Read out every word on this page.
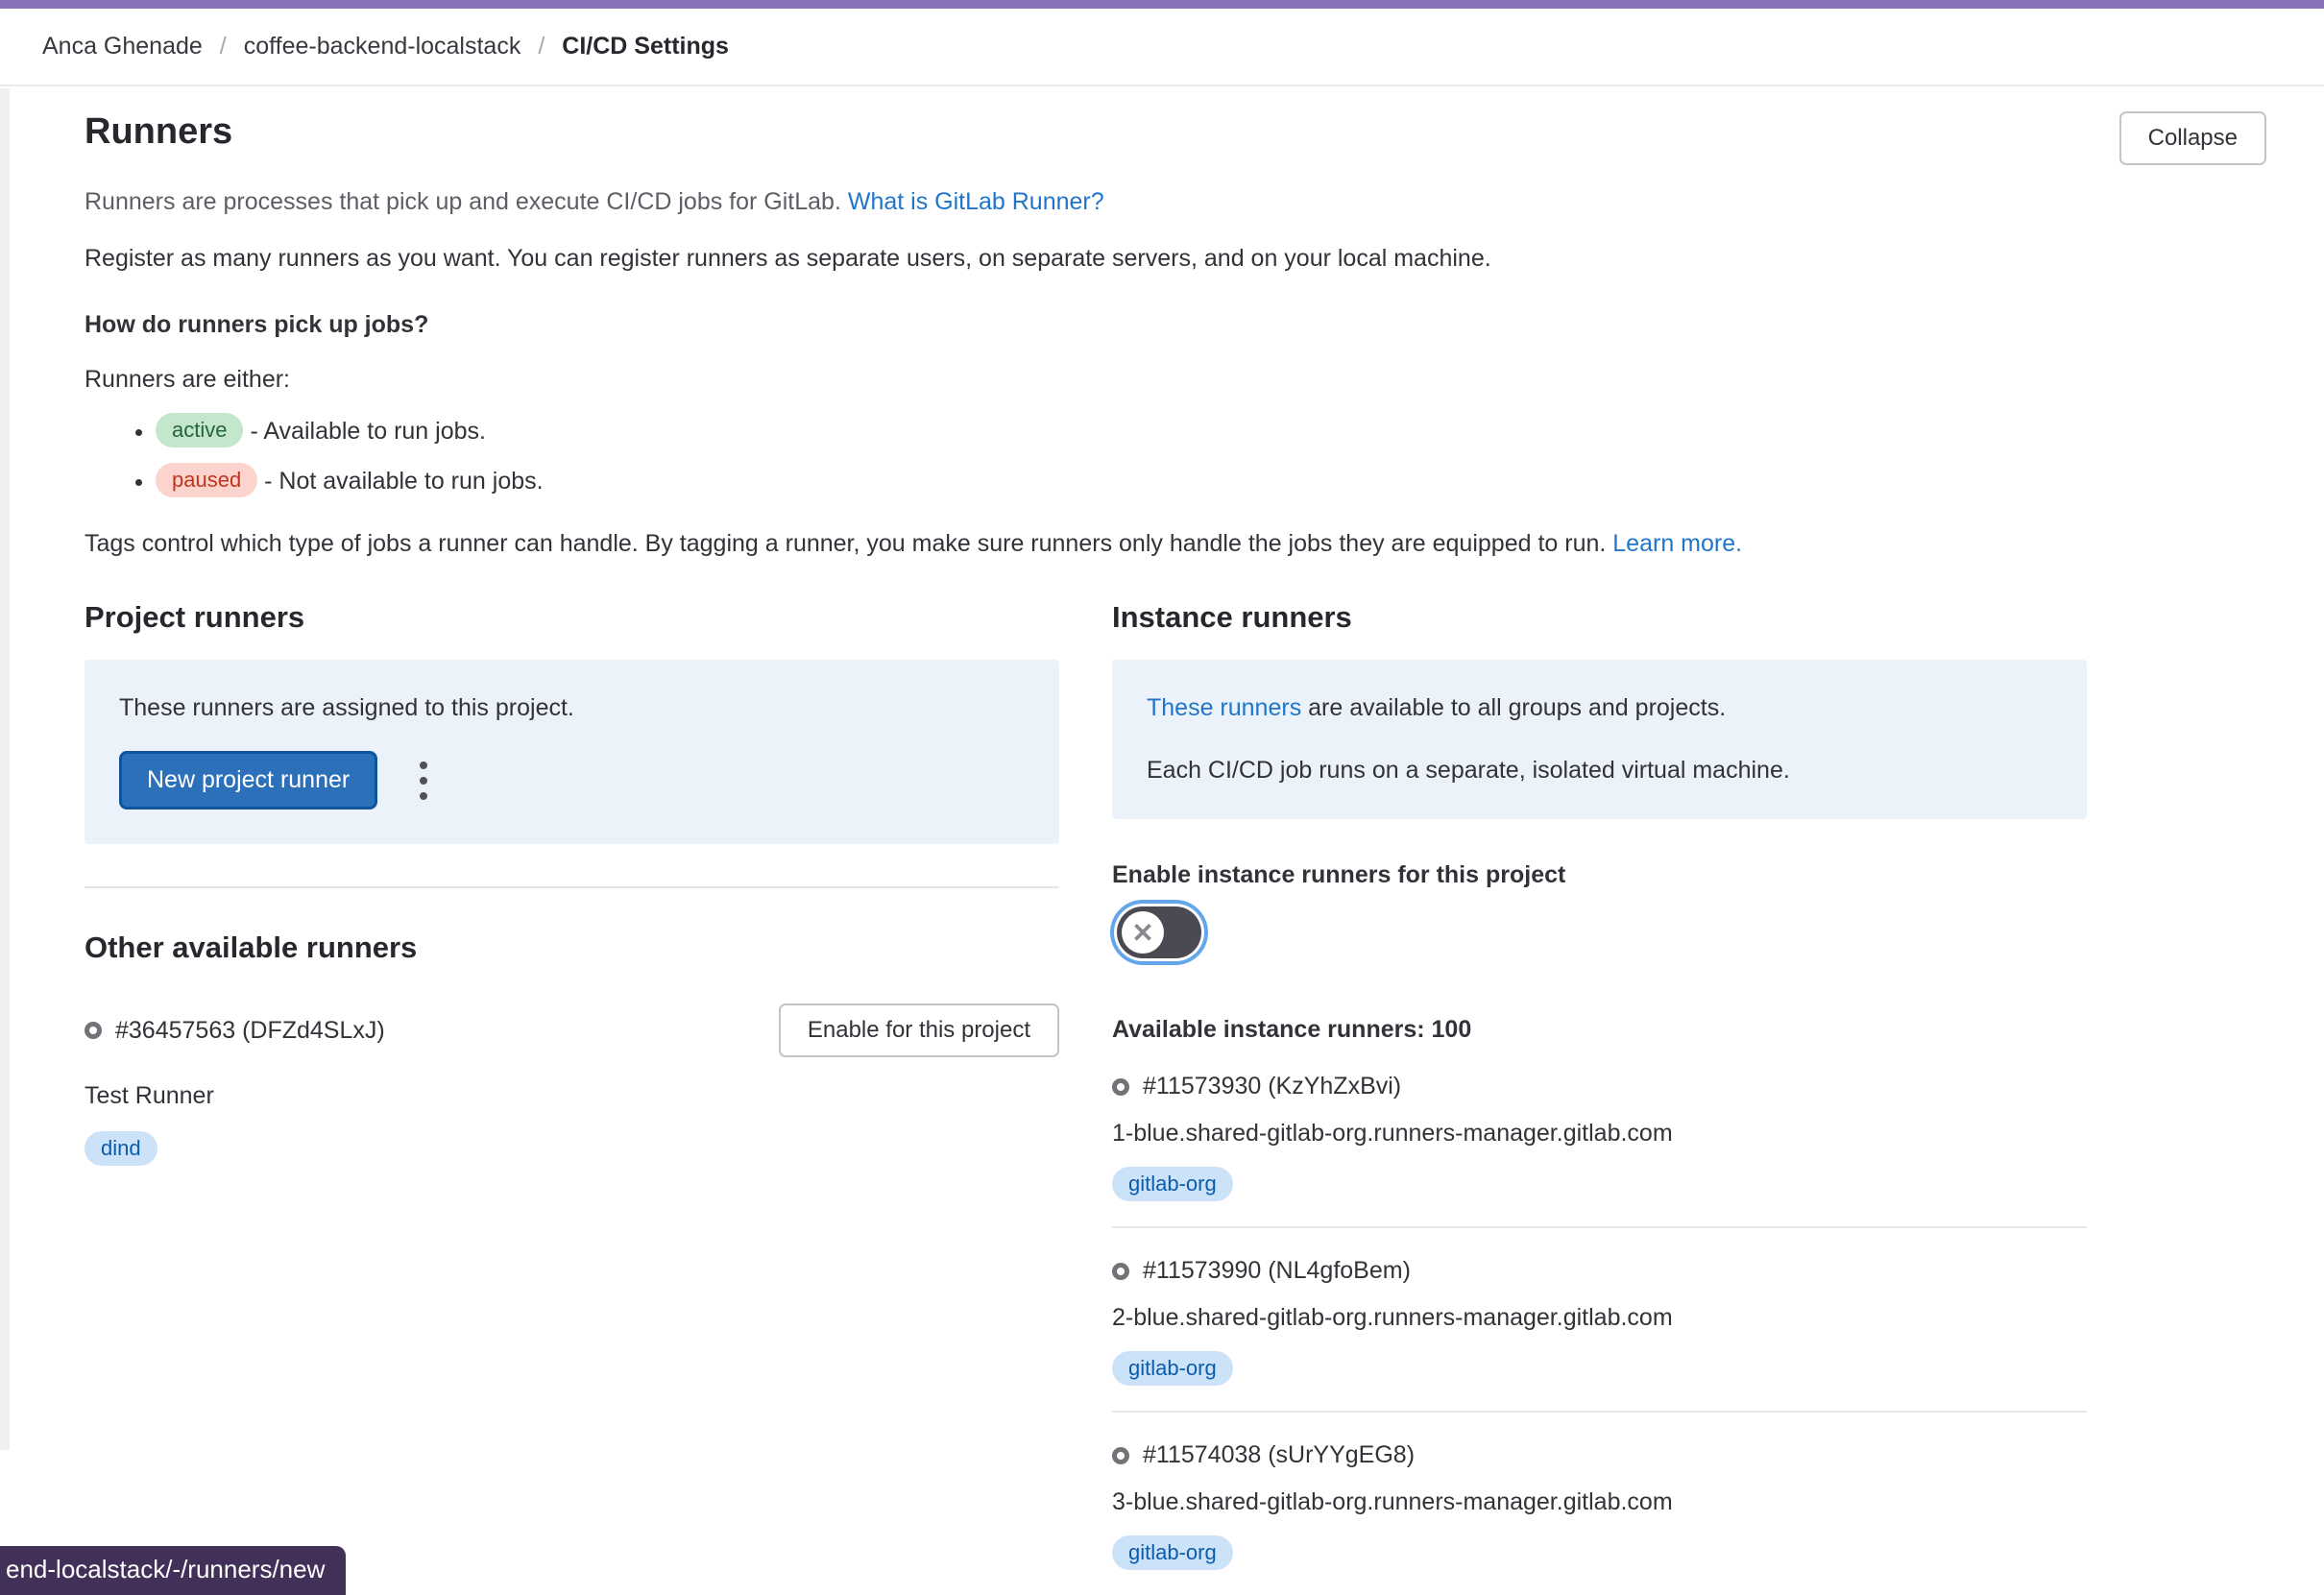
Anca Ghenade / coffee-backend-localstack / CI/CD Settings
Runners	Collapse

Runners are processes that pick up and execute CI/CD jobs for GitLab. What is GitLab Runner?

Register as many runners as you want. You can register runners as separate users, on separate servers, and on your local machine.

How do runners pick up jobs?

Runners are either:

• active - Available to run jobs.
• paused - Not available to run jobs.

Tags control which type of jobs a runner can handle. By tagging a runner, you make sure runners only handle the jobs they are equipped to run. Learn more.

Project runners

These runners are assigned to this project.

New project runner
Other available runners
#36457563 (DFZd4SLxJ)	Enable for this project

Test Runner

dind
Instance runners

These runners are available to all groups and projects.

Each CI/CD job runs on a separate, isolated virtual machine.

Enable instance runners for this project

✕

Available instance runners: 100

#11573930 (KzYhZxBvi)
1-blue.shared-gitlab-org.runners-manager.gitlab.com
gitlab-org
#11573990 (NL4gfoBem)
2-blue.shared-gitlab-org.runners-manager.gitlab.com
gitlab-org
#11574038 (sUrYYgEG8)
3-blue.shared-gitlab-org.runners-manager.gitlab.com
gitlab-org
end-localstack/-/runners/new
